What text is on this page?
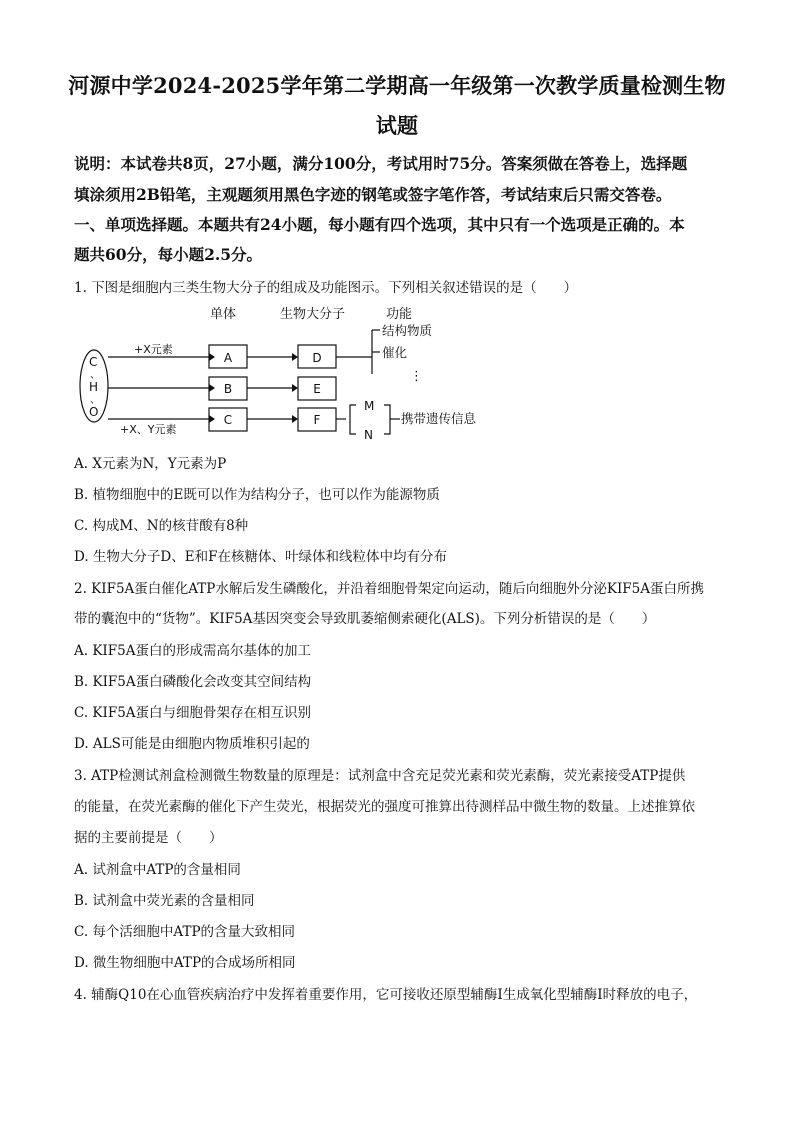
河源中学2024-2025学年第二学期高一年级第一次教学质量检测生物
试题
说明：本试卷共8页，27小题，满分100分，考试用时75分。答案须做在答卷上，选择题
填涂须用2B铅笔，主观题须用黑色字迹的钢笔或签字笔作答，考试结束后只需交答卷。
一、单项选择题。本题共有24小题，每小题有四个选项，其中只有一个选项是正确的。本
题共60分，每小题2.5分。
1. 下图是细胞内三类生物大分子的组成及功能图示。下列相关叙述错误的是（　　）
单体	生物大分子	功能
C
、
H
、
O
+X元素
+X、Y元素
A
B
C
D
E
F
结构物质
催化
⋮
M
N
携带遗传信息
A. X元素为N，Y元素为P
B. 植物细胞中的E既可以作为结构分子，也可以作为能源物质
C. 构成M、N的核苷酸有8种
D. 生物大分子D、E和F在核糖体、叶绿体和线粒体中均有分布
2. KIF5A蛋白催化ATP水解后发生磷酸化，并沿着细胞骨架定向运动，随后向细胞外分泌KIF5A蛋白所携
带的囊泡中的“货物”。KIF5A基因突变会导致肌萎缩侧索硬化(ALS)。下列分析错误的是（　　）
A. KIF5A蛋白的形成需高尔基体的加工
B. KIF5A蛋白磷酸化会改变其空间结构
C. KIF5A蛋白与细胞骨架存在相互识别
D. ALS可能是由细胞内物质堆积引起的
3. ATP检测试剂盒检测微生物数量的原理是：试剂盒中含充足荧光素和荧光素酶，荧光素接受ATP提供
的能量，在荧光素酶的催化下产生荧光，根据荧光的强度可推算出待测样品中微生物的数量。上述推算依
据的主要前提是（　　）
A. 试剂盒中ATP的含量相同
B. 试剂盒中荧光素的含量相同
C. 每个活细胞中ATP的含量大致相同
D. 微生物细胞中ATP的合成场所相同
4. 辅酶Q10在心血管疾病治疗中发挥着重要作用，它可接收还原型辅酶Ⅰ生成氧化型辅酶Ⅰ时释放的电子，
